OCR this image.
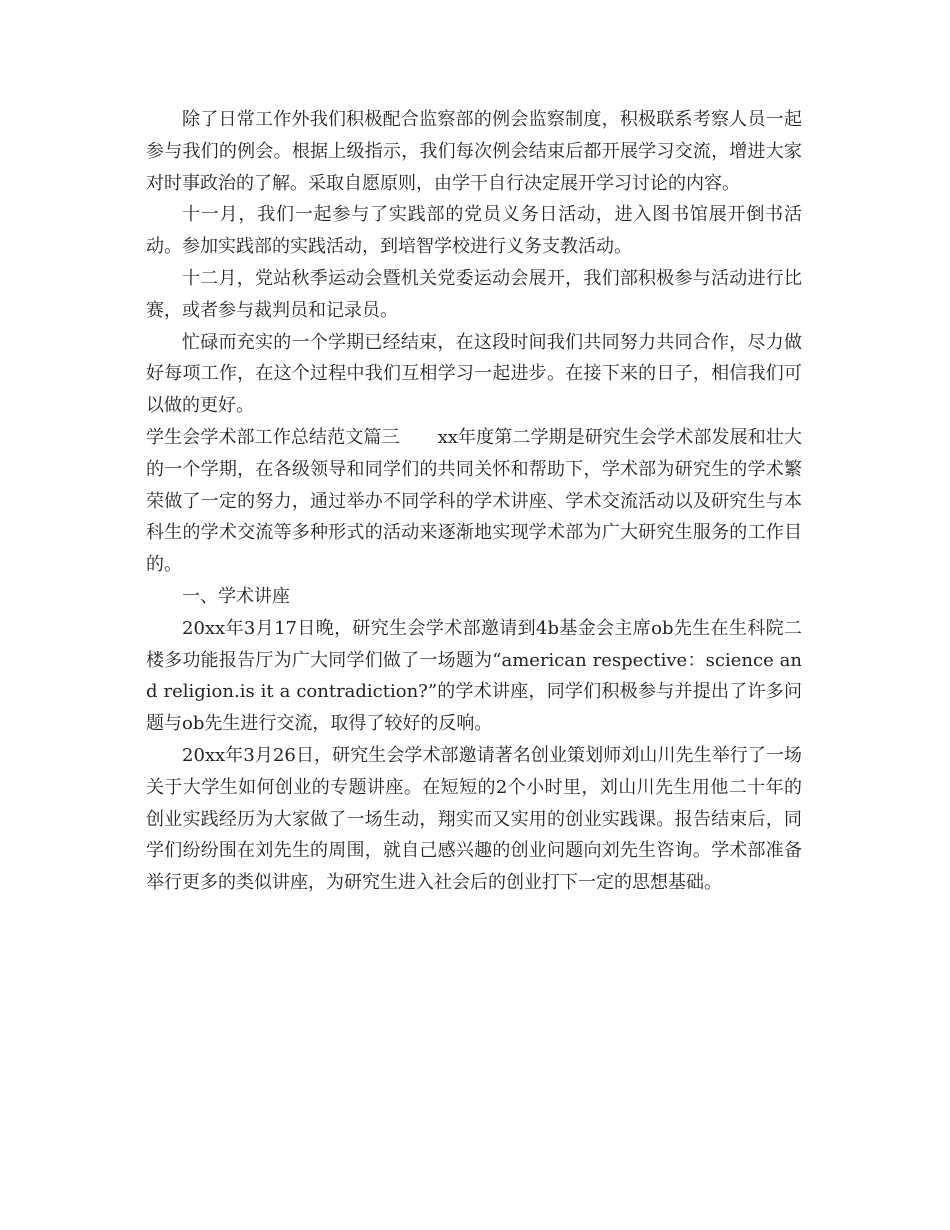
除了日常工作外我们积极配合监察部的例会监察制度，积极联系考察人员一起参与我们的例会。根据上级指示，我们每次例会结束后都开展学习交流，增进大家对时事政治的了解。采取自愿原则，由学干自行决定展开学习讨论的内容。

十一月，我们一起参与了实践部的党员义务日活动，进入图书馆展开倒书活动。参加实践部的实践活动，到培智学校进行义务支教活动。

十二月，党站秋季运动会暨机关党委运动会展开，我们部积极参与活动进行比赛，或者参与裁判员和记录员。

忙碌而充实的一个学期已经结束，在这段时间我们共同努力共同合作，尽力做好每项工作，在这个过程中我们互相学习一起进步。在接下来的日子，相信我们可以做的更好。

学生会学术部工作总结范文篇三 xx年度第二学期是研究生会学术部发展和壮大的一个学期，在各级领导和同学们的共同关怀和帮助下，学术部为研究生的学术繁荣做了一定的努力，通过举办不同学科的学术讲座、学术交流活动以及研究生与本科生的学术交流等多种形式的活动来逐渐地实现学术部为广大研究生服务的工作目的。

一、学术讲座

20xx年3月17日晚，研究生会学术部邀请到4b基金会主席ob先生在生科院二楼多功能报告厅为广大同学们做了一场题为“american respective：science and religion.is it a contradiction?”的学术讲座，同学们积极参与并提出了许多问题与ob先生进行交流，取得了较好的反响。

20xx年3月26日，研究生会学术部邀请著名创业策划师刘山川先生举行了一场关于大学生如何创业的专题讲座。在短短的2个小时里，刘山川先生用他二十年的创业实践经历为大家做了一场生动，翔实而又实用的创业实践课。报告结束后，同学们纷纷围在刘先生的周围，就自己感兴趣的创业问题向刘先生咨询。学术部准备举行更多的类似讲座，为研究生进入社会后的创业打下一定的思想基础。
